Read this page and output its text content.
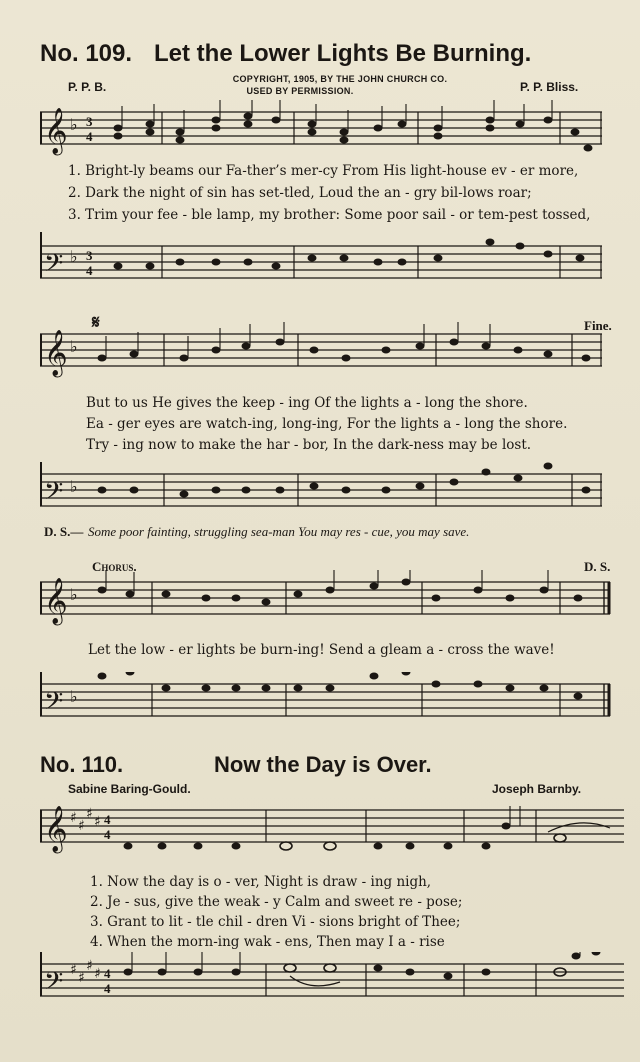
No. 109. Let the Lower Lights Be Burning.
P. P. B.
COPYRIGHT, 1905, BY THE JOHN CHURCH CO.
USED BY PERMISSION.	P. P. Bliss.
𝄞 ♭ 3
4
1. Bright-ly beams our Fa-ther’s mer-cy From His light-house ev - er more,
2. Dark the night of sin has set-tled, Loud the an - gry bil-lows roar;
3. Trim your fee - ble lamp, my brother: Some poor sail - or tem-pest tossed,
𝄢 ♭ 3
4
𝄋	Fine.
𝄞 ♭
But to us He gives the keep - ing Of the lights a - long the shore.
Ea - ger eyes are watch-ing, long-ing, For the lights a - long the shore.
Try - ing now to make the har - bor, In the dark-ness may be lost.
𝄢 ♭
D. S.— Some poor fainting, struggling sea-man You may res - cue, you may save.
Chorus.	D. S.
𝄞 ♭
Let the low - er lights be burn-ing! Send a gleam a - cross the wave!
𝄢 ♭
No. 110.	Now the Day is Over.
Sabine Baring-Gould.	Joseph Barnby.
𝄞 ♯ ♯
♯ ♯ 4
4
1. Now the day is o - ver, Night is draw - ing nigh,
2. Je - sus, give the weak - y Calm and sweet re - pose;
3. Grant to lit - tle chil - dren Vi - sions bright of Thee;
4. When the morn-ing wak - ens, Then may I a - rise
𝄢 ♯ ♯
♯ ♯ 4
4
